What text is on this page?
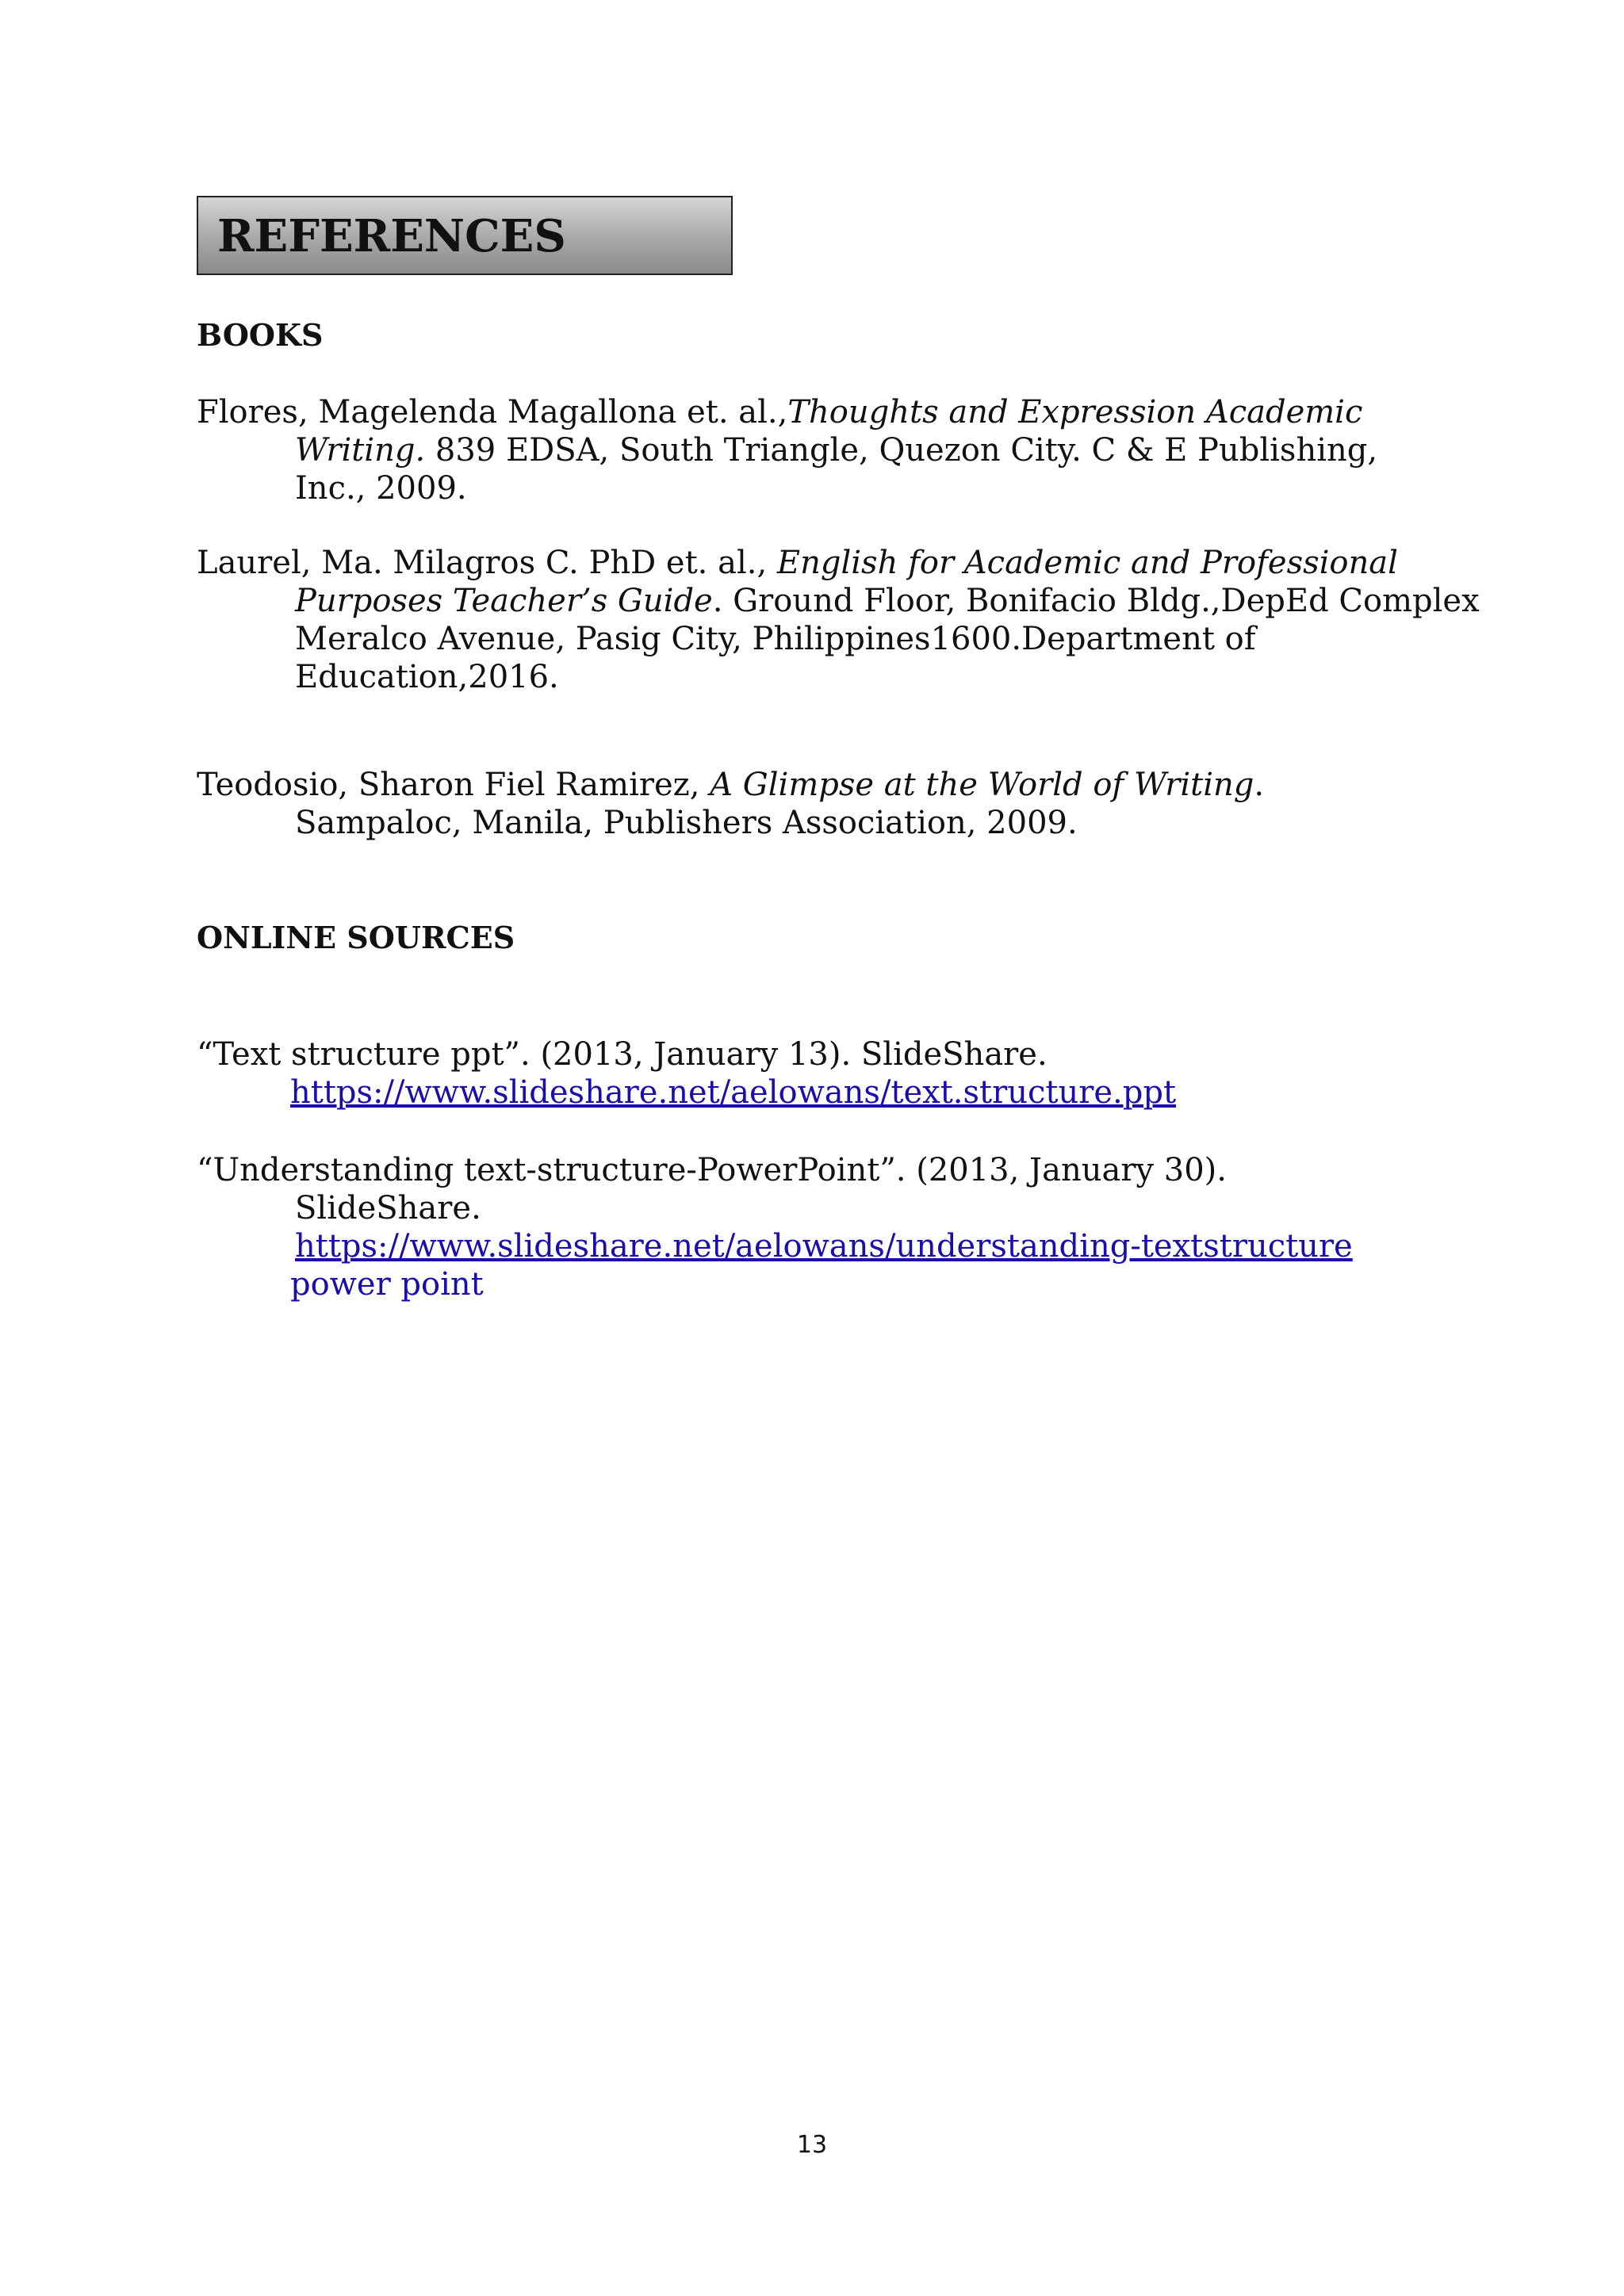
REFERENCES
BOOKS
Flores, Magelenda Magallona et. al.,Thoughts and Expression Academic
Writing. 839 EDSA, South Triangle, Quezon City. C & E Publishing,
Inc., 2009.
Laurel, Ma. Milagros C. PhD et. al., English for Academic and Professional
Purposes Teacher’s Guide. Ground Floor, Bonifacio Bldg.,DepEd Complex
Meralco Avenue, Pasig City, Philippines1600.Department of
Education,2016.
Teodosio, Sharon Fiel Ramirez, A Glimpse at the World of Writing.
Sampaloc, Manila, Publishers Association, 2009.
ONLINE SOURCES
“Text structure ppt”. (2013, January 13). SlideShare.
https://www.slideshare.net/aelowans/text.structure.ppt
“Understanding text-structure-PowerPoint”. (2013, January 30).
SlideShare.
https://www.slideshare.net/aelowans/understanding-textstructure
power point
13
